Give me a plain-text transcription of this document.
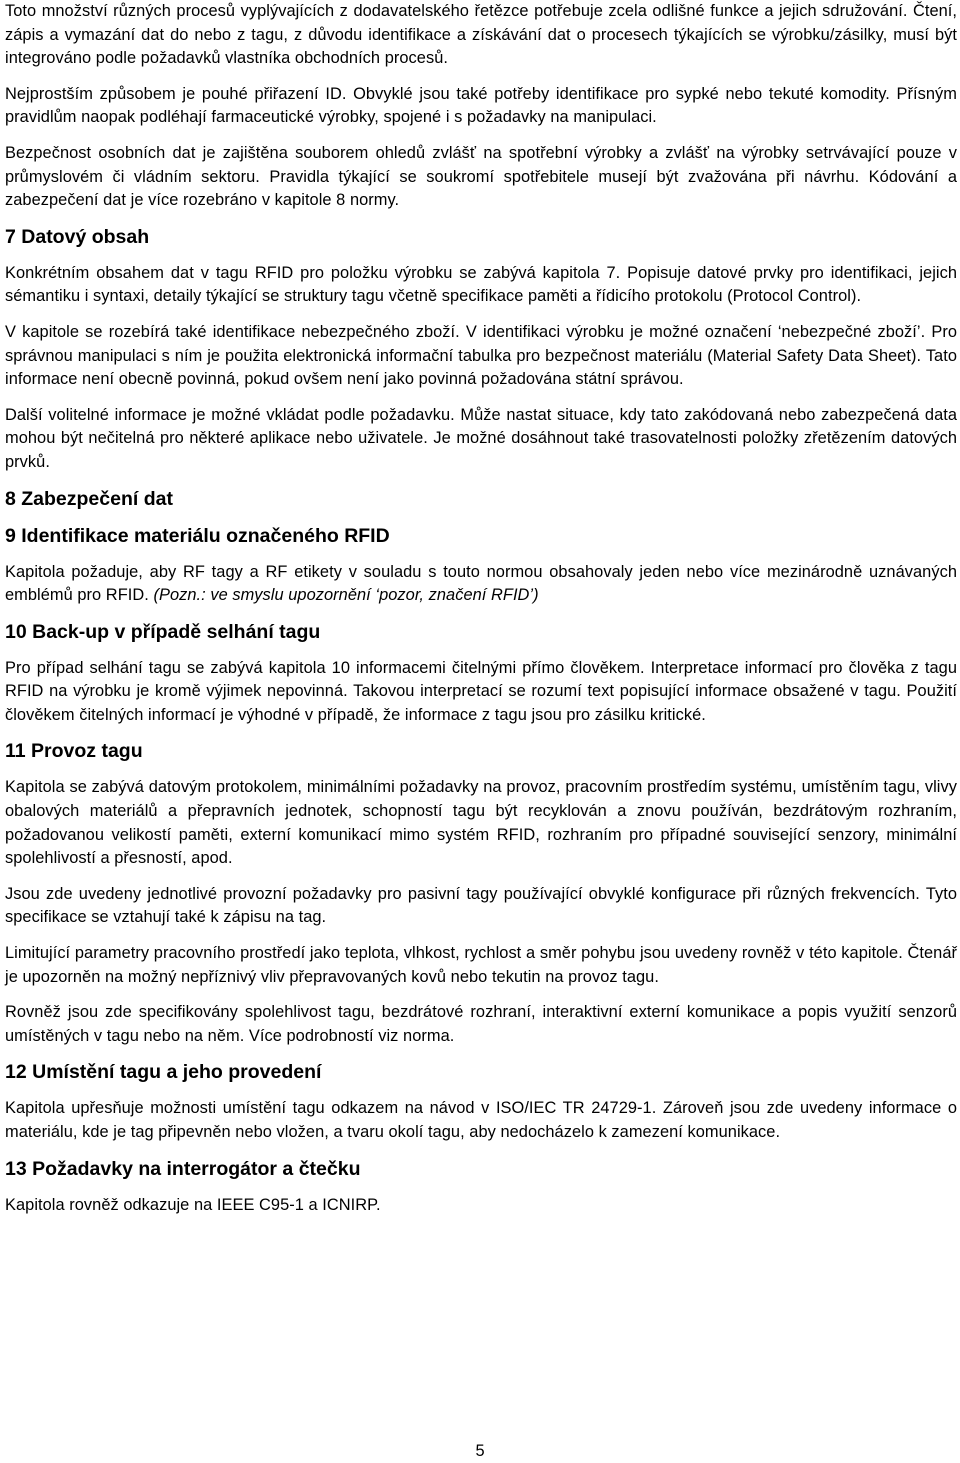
Toto množství různých procesů vyplývajících z dodavatelského řetězce potřebuje zcela odlišné funkce a jejich sdružování. Čtení, zápis a vymazání dat do nebo z tagu, z důvodu identifikace a získávání dat o procesech týkajících se výrobku/zásilky, musí být integrováno podle požadavků vlastníka obchodních procesů.

Nejprostším způsobem je pouhé přiřazení ID. Obvyklé jsou také potřeby identifikace pro sypké nebo tekuté komodity. Přísným pravidlům naopak podléhají farmaceutické výrobky, spojené i s požadavky na manipulaci.

Bezpečnost osobních dat je zajištěna souborem ohledů zvlášť na spotřební výrobky a zvlášť na výrobky setrvávající pouze v průmyslovém či vládním sektoru. Pravidla týkající se soukromí spotřebitele musejí být zvažována při návrhu. Kódování a zabezpečení dat je více rozebráno v kapitole 8 normy.

7 Datový obsah

Konkrétním obsahem dat v tagu RFID pro položku výrobku se zabývá kapitola 7. Popisuje datové prvky pro identifikaci, jejich sémantiku i syntaxi, detaily týkající se struktury tagu včetně specifikace paměti a řídicího protokolu (Protocol Control).

V kapitole se rozebírá také identifikace nebezpečného zboží. V identifikaci výrobku je možné označení ‘nebezpečné zboží’. Pro správnou manipulaci s ním je použita elektronická informační tabulka pro bezpečnost materiálu (Material Safety Data Sheet). Tato informace není obecně povinná, pokud ovšem není jako povinná požadována státní správou.

Další volitelné informace je možné vkládat podle požadavku. Může nastat situace, kdy tato zakódovaná nebo zabezpečená data mohou být nečitelná pro některé aplikace nebo uživatele. Je možné dosáhnout také trasovatelnosti položky zřetězením datových prvků.

8 Zabezpečení dat
9 Identifikace materiálu označeného RFID

Kapitola požaduje, aby RF tagy a RF etikety v souladu s touto normou obsahovaly jeden nebo více mezinárodně uznávaných emblémů pro RFID. (Pozn.: ve smyslu upozornění ‘pozor, značení RFID’)

10 Back-up v případě selhání tagu

Pro případ selhání tagu se zabývá kapitola 10 informacemi čitelnými přímo člověkem. Interpretace informací pro člověka z tagu RFID na výrobku je kromě výjimek nepovinná. Takovou interpretací se rozumí text popisující informace obsažené v tagu. Použití člověkem čitelných informací je výhodné v případě, že informace z tagu jsou pro zásilku kritické.

11 Provoz tagu

Kapitola se zabývá datovým protokolem, minimálními požadavky na provoz, pracovním prostředím systému, umístěním tagu, vlivy obalových materiálů a přepravních jednotek, schopností tagu být recyklován a znovu používán, bezdrátovým rozhraním, požadovanou velikostí paměti, externí komunikací mimo systém RFID, rozhraním pro případné související senzory, minimální spolehlivostí a přesností, apod.

Jsou zde uvedeny jednotlivé provozní požadavky pro pasivní tagy používající obvyklé konfigurace při různých frekvencích. Tyto specifikace se vztahují také k zápisu na tag.

Limitující parametry pracovního prostředí jako teplota, vlhkost, rychlost a směr pohybu jsou uvedeny rovněž v této kapitole. Čtenář je upozorněn na možný nepříznivý vliv přepravovaných kovů nebo tekutin na provoz tagu.

Rovněž jsou zde specifikovány spolehlivost tagu, bezdrátové rozhraní, interaktivní externí komunikace a popis využití senzorů umístěných v tagu nebo na něm. Více podrobností viz norma.

12 Umístění tagu a jeho provedení

Kapitola upřesňuje možnosti umístění tagu odkazem na návod v ISO/IEC TR 24729-1. Zároveň jsou zde uvedeny informace o materiálu, kde je tag připevněn nebo vložen, a tvaru okolí tagu, aby nedocházelo k zamezení komunikace.

13 Požadavky na interrogátor a čtečku

Kapitola rovněž odkazuje na IEEE C95-1 a ICNIRP.

5
